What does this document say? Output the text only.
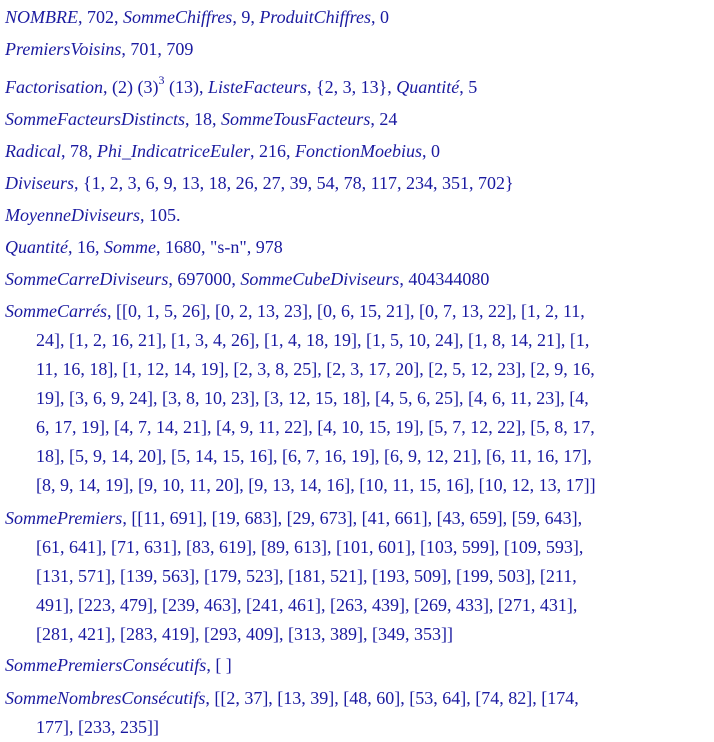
NOMBRE, 702, SommeChiffres, 9, ProduitChiffres, 0
PremiersVoisins, 701, 709
Factorisation, (2) $(3)^3$ (13), ListeFacteurs, {2, 3, 13}, Quantité, 5
SommeFacteursDistincts, 18, SommeTousFacteurs, 24
Radical, 78, Phi_IndicatriceEuler, 216, FonctionMoebius, 0
Diviseurs, {1, 2, 3, 6, 9, 13, 18, 26, 27, 39, 54, 78, 117, 234, 351, 702}
MoyenneDiviseurs, 105.
Quantité, 16, Somme, 1680, "s-n", 978
SommeCarreDiviseurs, 697000, SommeCubeDiviseurs, 404344080
SommeCarrés, [[0, 1, 5, 26], [0, 2, 13, 23], [0, 6, 15, 21], [0, 7, 13, 22], [1, 2, 11,
24], [1, 2, 16, 21], [1, 3, 4, 26], [1, 4, 18, 19], [1, 5, 10, 24], [1, 8, 14, 21], [1,
11, 16, 18], [1, 12, 14, 19], [2, 3, 8, 25], [2, 3, 17, 20], [2, 5, 12, 23], [2, 9, 16,
19], [3, 6, 9, 24], [3, 8, 10, 23], [3, 12, 15, 18], [4, 5, 6, 25], [4, 6, 11, 23], [4,
6, 17, 19], [4, 7, 14, 21], [4, 9, 11, 22], [4, 10, 15, 19], [5, 7, 12, 22], [5, 8, 17,
18], [5, 9, 14, 20], [5, 14, 15, 16], [6, 7, 16, 19], [6, 9, 12, 21], [6, 11, 16, 17],
[8, 9, 14, 19], [9, 10, 11, 20], [9, 13, 14, 16], [10, 11, 15, 16], [10, 12, 13, 17]]
SommePremiers, [[11, 691], [19, 683], [29, 673], [41, 661], [43, 659], [59, 643],
[61, 641], [71, 631], [83, 619], [89, 613], [101, 601], [103, 599], [109, 593],
[131, 571], [139, 563], [179, 523], [181, 521], [193, 509], [199, 503], [211,
491], [223, 479], [239, 463], [241, 461], [263, 439], [269, 433], [271, 431],
[281, 421], [283, 419], [293, 409], [313, 389], [349, 353]]
SommePremiersConsécutifs, [ ]
SommeNombresConsécutifs, [[2, 37], [13, 39], [48, 60], [53, 64], [74, 82], [174,
177], [233, 235]]
